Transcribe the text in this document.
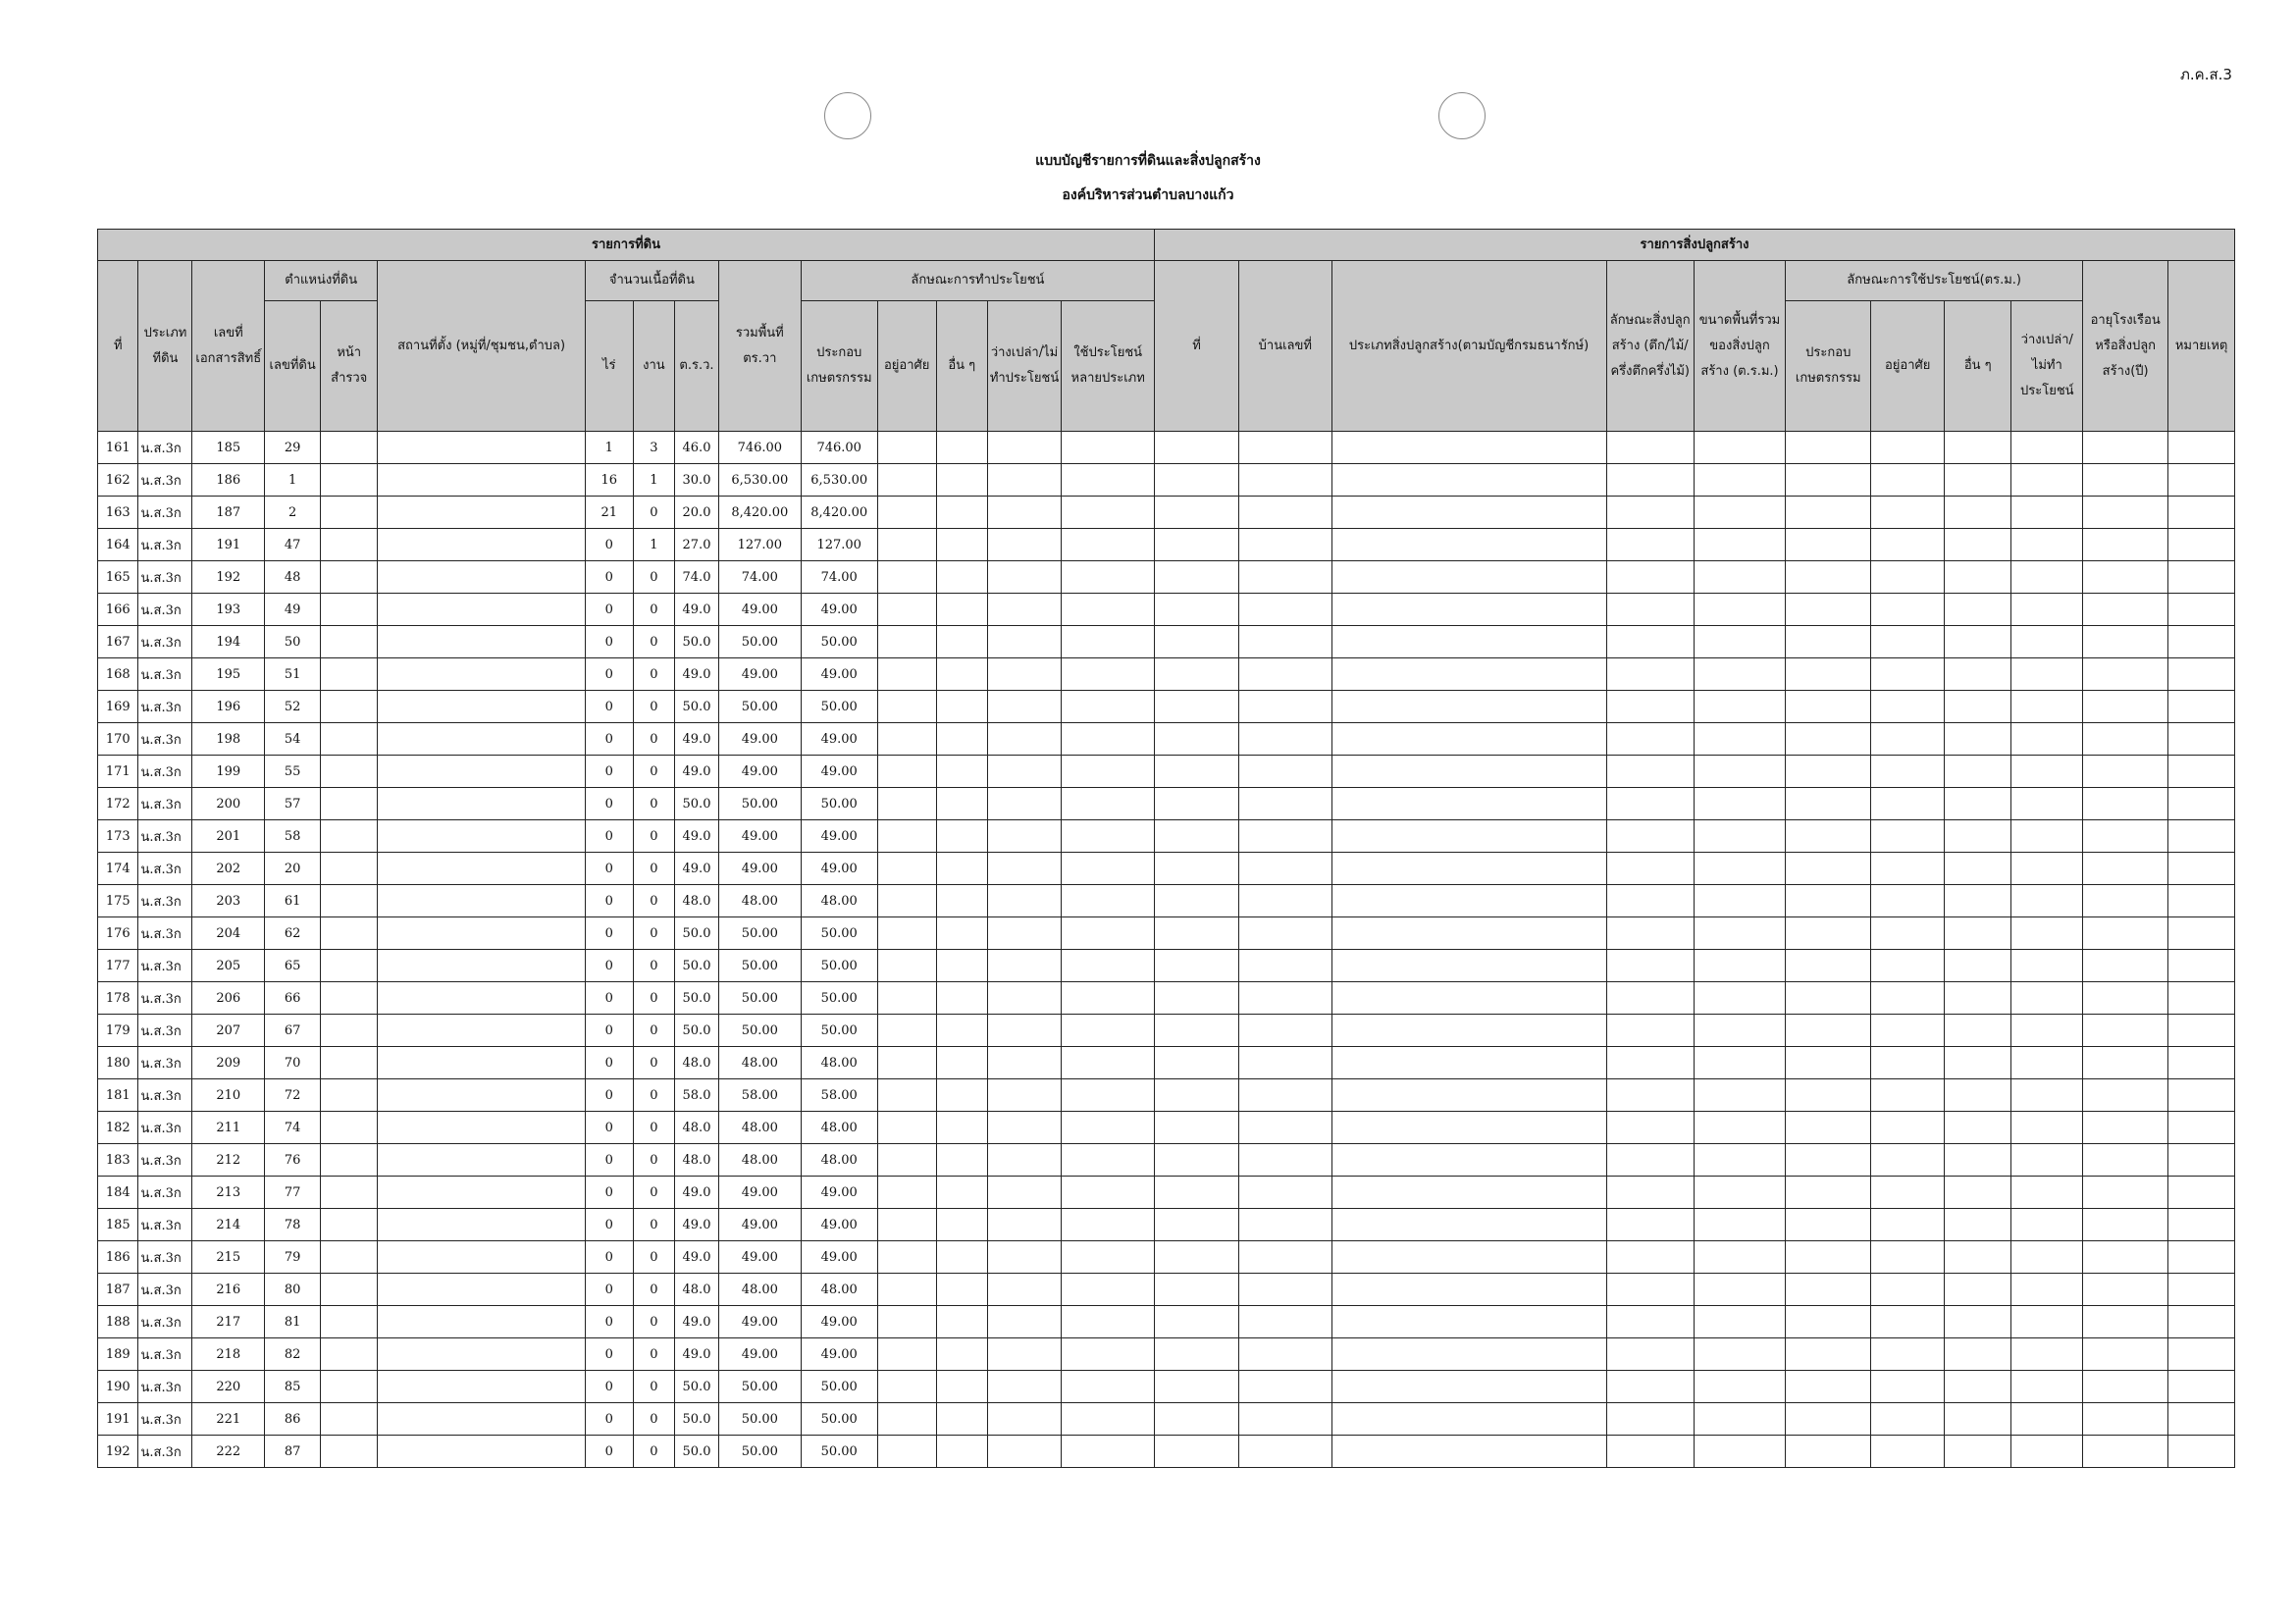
ภ.ค.ส.3
แบบบัญชีรายการที่ดินและสิ่งปลูกสร้าง
องค์บริหารส่วนตำบลบางแก้ว
รายการที่ดิน															รายการสิ่งปลูกสร้าง										
ที่	ประเภททีดิน	เลขที่เอกสารสิทธิ์	ตำแหน่งที่ดิน		สถานที่ตั้ง (หมู่ที่/ชุมชน,ตำบล)	จำนวนเนื้อที่ดิน			รวมพื้นที่ ตร.วา	ลักษณะการทำประโยชน์					ที่	บ้านเลขที่	ประเภทสิ่งปลูกสร้าง(ตามบัญชีกรมธนารักษ์)	ลักษณะสิ่งปลูกสร้าง (ตึก/ไม้/ครึ่งตึกครึ่งไม้)	ขนาดพื้นที่รวมของสิ่งปลูกสร้าง (ต.ร.ม.)	ลักษณะการใช้ประโยชน์(ตร.ม.)				อายุโรงเรือนหรือสิ่งปลูกสร้าง(ปี)	หมายเหตุ
			เลขที่ดิน	หน้าสำรวจ		ไร่	งาน	ต.ร.ว.		ประกอบเกษตรกรรม	อยู่อาศัย	อื่น ๆ	ว่างเปล่า/ไม่ทำประโยชน์	ใช้ประโยชน์หลายประเภท						ประกอบเกษตรกรรม	อยู่อาศัย	อื่น ๆ	ว่างเปล่า/ไม่ทำประโยชน์		
161	น.ส.3ก	185	29			1	3	46.0	746.00	746.00															
162	น.ส.3ก	186	1			16	1	30.0	6,530.00	6,530.00															
163	น.ส.3ก	187	2			21	0	20.0	8,420.00	8,420.00															
164	น.ส.3ก	191	47			0	1	27.0	127.00	127.00															
165	น.ส.3ก	192	48			0	0	74.0	74.00	74.00															
166	น.ส.3ก	193	49			0	0	49.0	49.00	49.00															
167	น.ส.3ก	194	50			0	0	50.0	50.00	50.00															
168	น.ส.3ก	195	51			0	0	49.0	49.00	49.00															
169	น.ส.3ก	196	52			0	0	50.0	50.00	50.00															
170	น.ส.3ก	198	54			0	0	49.0	49.00	49.00															
171	น.ส.3ก	199	55			0	0	49.0	49.00	49.00															
172	น.ส.3ก	200	57			0	0	50.0	50.00	50.00															
173	น.ส.3ก	201	58			0	0	49.0	49.00	49.00															
174	น.ส.3ก	202	20			0	0	49.0	49.00	49.00															
175	น.ส.3ก	203	61			0	0	48.0	48.00	48.00															
176	น.ส.3ก	204	62			0	0	50.0	50.00	50.00															
177	น.ส.3ก	205	65			0	0	50.0	50.00	50.00															
178	น.ส.3ก	206	66			0	0	50.0	50.00	50.00															
179	น.ส.3ก	207	67			0	0	50.0	50.00	50.00															
180	น.ส.3ก	209	70			0	0	48.0	48.00	48.00															
181	น.ส.3ก	210	72			0	0	58.0	58.00	58.00															
182	น.ส.3ก	211	74			0	0	48.0	48.00	48.00															
183	น.ส.3ก	212	76			0	0	48.0	48.00	48.00															
184	น.ส.3ก	213	77			0	0	49.0	49.00	49.00															
185	น.ส.3ก	214	78			0	0	49.0	49.00	49.00															
186	น.ส.3ก	215	79			0	0	49.0	49.00	49.00															
187	น.ส.3ก	216	80			0	0	48.0	48.00	48.00															
188	น.ส.3ก	217	81			0	0	49.0	49.00	49.00															
189	น.ส.3ก	218	82			0	0	49.0	49.00	49.00															
190	น.ส.3ก	220	85			0	0	50.0	50.00	50.00															
191	น.ส.3ก	221	86			0	0	50.0	50.00	50.00															
192	น.ส.3ก	222	87			0	0	50.0	50.00	50.00															
